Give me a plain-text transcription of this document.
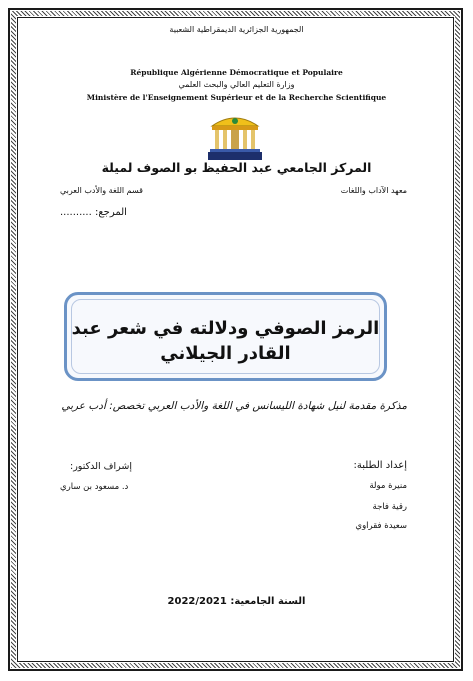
الجمهورية الجزائرية الديمقراطية الشعبية
République Algérienne Démocratique et Populaire
وزارة التعليم العالي والبحث العلمي
Ministère de l'Enseignement Supérieur et de la Recherche Scientifique
المركز الجامعي عبد الحفيظ بو الصوف لميلة
معهد الآداب واللغات
قسم اللغة والأدب العربي
المرجع: ..........
الرمز الصوفي ودلالته في شعر عبد
القادر الجيلاني
مذكرة مقدمة لنيل شهادة الليسانس في اللغة والأدب العربي تخصص: أدب عربي
إعداد الطلبة:
منيرة مولة
رقية فاجة
سعيدة فقراوي
إشراف الدكتور:
د. مسعود بن ساري
السنة الجامعية: 2022/2021
